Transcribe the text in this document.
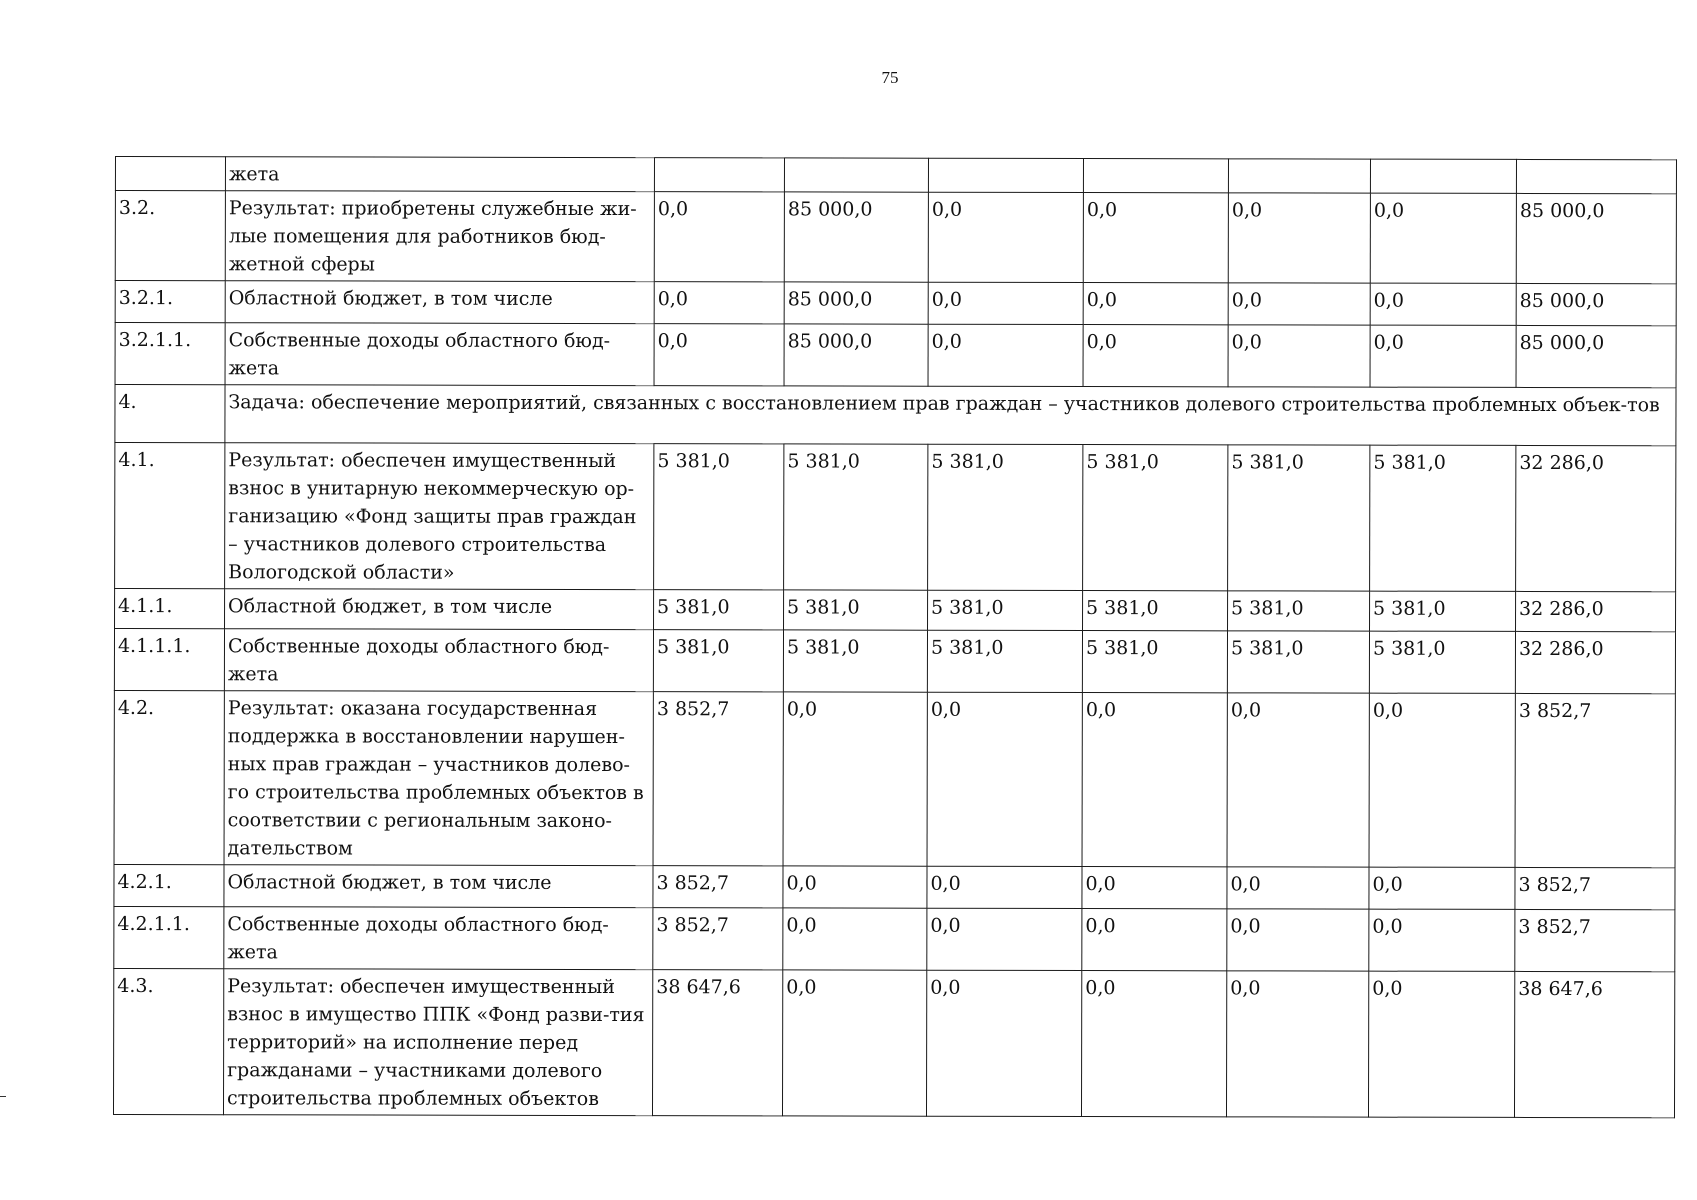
75
	жета							
3.2.	Результат: приобретены служебные жи-лые помещения для работников бюд-жетной сферы	0,0	85 000,0	0,0	0,0	0,0	0,0	85 000,0
3.2.1.	Областной бюджет, в том числе	0,0	85 000,0	0,0	0,0	0,0	0,0	85 000,0
3.2.1.1.	Собственные доходы областного бюд-жета	0,0	85 000,0	0,0	0,0	0,0	0,0	85 000,0
4.	Задача: обеспечение мероприятий, связанных с восстановлением прав граждан – участников долевого строительства проблемных объек-тов							
4.1.	Результат: обеспечен имущественный взнос в унитарную некоммерческую ор-ганизацию «Фонд защиты прав граждан – участников долевого строительства Вологодской области»	5 381,0	5 381,0	5 381,0	5 381,0	5 381,0	5 381,0	32 286,0
4.1.1.	Областной бюджет, в том числе	5 381,0	5 381,0	5 381,0	5 381,0	5 381,0	5 381,0	32 286,0
4.1.1.1.	Собственные доходы областного бюд-жета	5 381,0	5 381,0	5 381,0	5 381,0	5 381,0	5 381,0	32 286,0
4.2.	Результат: оказана государственная поддержка в восстановлении нарушен-ных прав граждан – участников долево-го строительства проблемных объектов в соответствии с региональным законо-дательством	3 852,7	0,0	0,0	0,0	0,0	0,0	3 852,7
4.2.1.	Областной бюджет, в том числе	3 852,7	0,0	0,0	0,0	0,0	0,0	3 852,7
4.2.1.1.	Собственные доходы областного бюд-жета	3 852,7	0,0	0,0	0,0	0,0	0,0	3 852,7
4.3.	Результат: обеспечен имущественный взнос в имущество ППК «Фонд разви-тия территорий» на исполнение перед гражданами – участниками долевого строительства проблемных объектов	38 647,6	0,0	0,0	0,0	0,0	0,0	38 647,6
